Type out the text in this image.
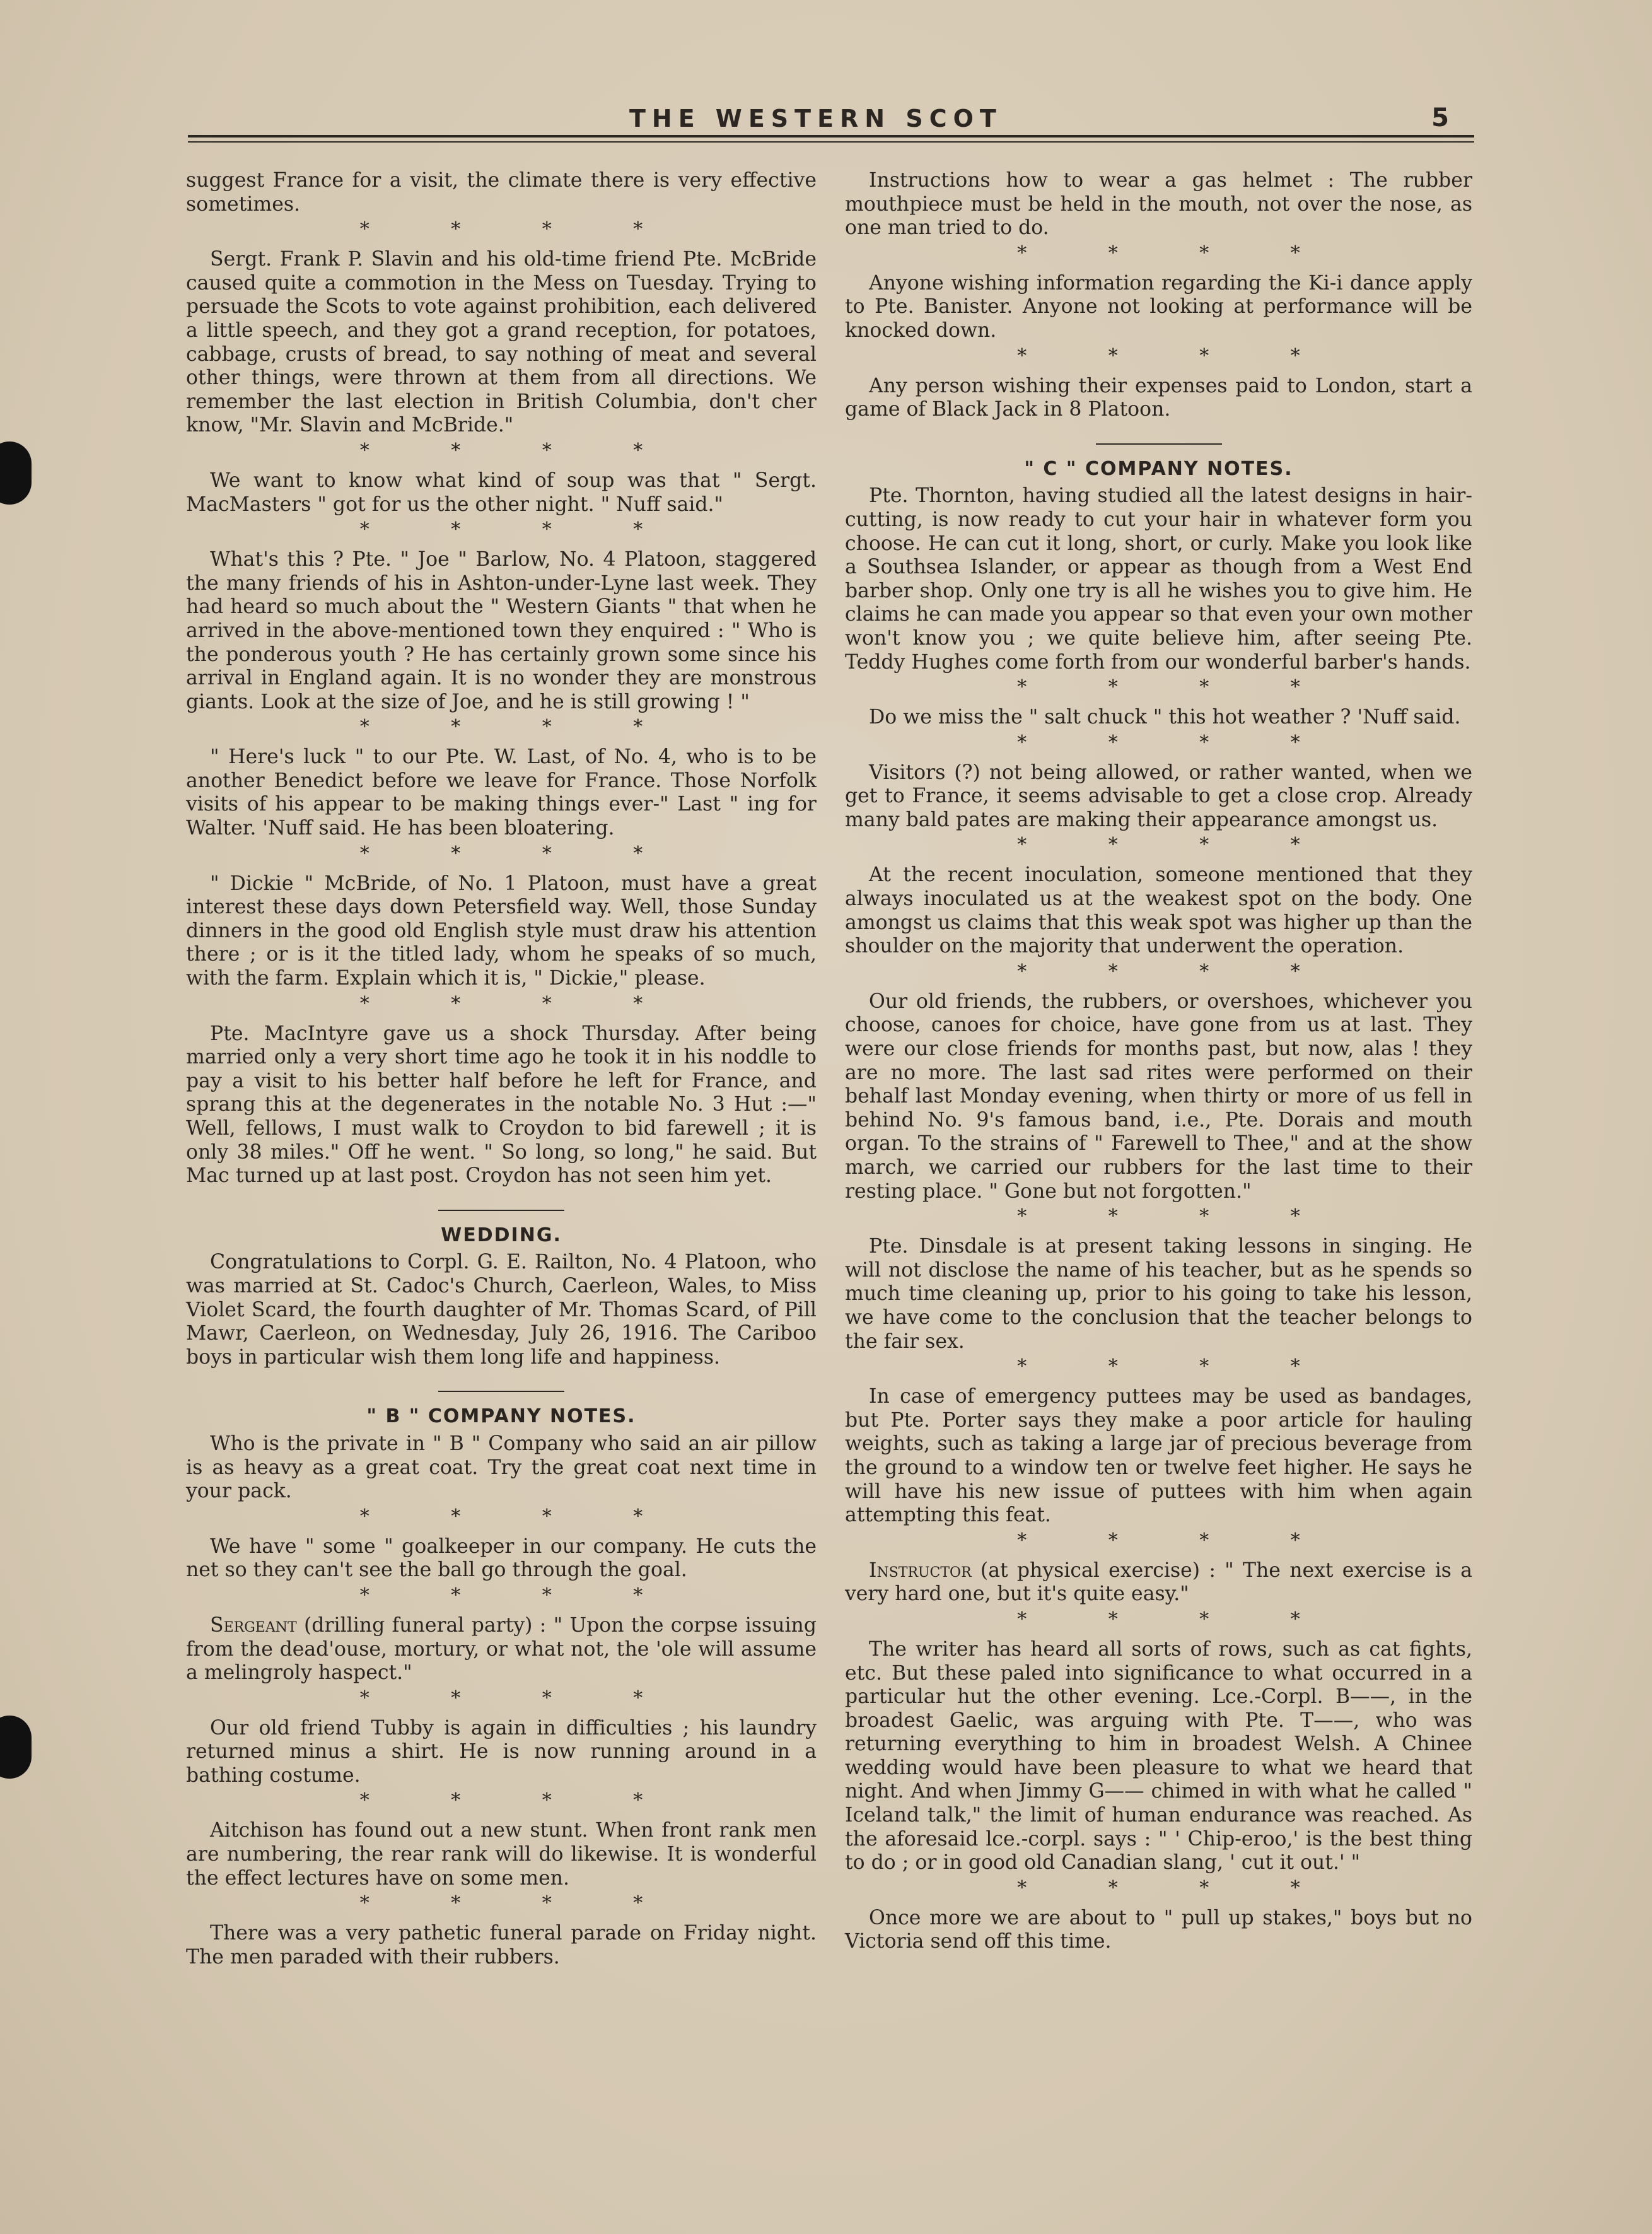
THE WESTERN SCOT	5

suggest France for a visit, the climate there is very effective sometimes.

* * * *

Sergt. Frank P. Slavin and his old-time friend Pte. McBride caused quite a commotion in the Mess on Tuesday. Trying to persuade the Scots to vote against prohibition, each delivered a little speech, and they got a grand reception, for potatoes, cabbage, crusts of bread, to say nothing of meat and several other things, were thrown at them from all directions. We remember the last election in British Columbia, don't cher know, "Mr. Slavin and McBride."

* * * *

We want to know what kind of soup was that " Sergt. MacMasters " got for us the other night. " Nuff said."

* * * *

What's this ? Pte. " Joe " Barlow, No. 4 Platoon, staggered the many friends of his in Ashton-under-Lyne last week. They had heard so much about the " Western Giants " that when he arrived in the above-mentioned town they enquired : " Who is the ponderous youth ? He has certainly grown some since his arrival in England again. It is no wonder they are monstrous giants. Look at the size of Joe, and he is still growing ! "

* * * *

" Here's luck " to our Pte. W. Last, of No. 4, who is to be another Benedict before we leave for France. Those Norfolk visits of his appear to be making things ever-" Last " ing for Walter. 'Nuff said. He has been bloatering.

* * * *

" Dickie " McBride, of No. 1 Platoon, must have a great interest these days down Petersfield way. Well, those Sunday dinners in the good old English style must draw his attention there ; or is it the titled lady, whom he speaks of so much, with the farm. Explain which it is, " Dickie," please.

* * * *

Pte. MacIntyre gave us a shock Thursday. After being married only a very short time ago he took it in his noddle to pay a visit to his better half before he left for France, and sprang this at the degenerates in the notable No. 3 Hut :—" Well, fellows, I must walk to Croydon to bid farewell ; it is only 38 miles." Off he went. " So long, so long," he said. But Mac turned up at last post. Croydon has not seen him yet.

WEDDING.

Congratulations to Corpl. G. E. Railton, No. 4 Platoon, who was married at St. Cadoc's Church, Caerleon, Wales, to Miss Violet Scard, the fourth daughter of Mr. Thomas Scard, of Pill Mawr, Caerleon, on Wednesday, July 26, 1916. The Cariboo boys in particular wish them long life and happiness.

" B " COMPANY NOTES.

Who is the private in " B " Company who said an air pillow is as heavy as a great coat. Try the great coat next time in your pack.

* * * *

We have " some " goalkeeper in our company. He cuts the net so they can't see the ball go through the goal.

* * * *

Sergeant (drilling funeral party) : " Upon the corpse issuing from the dead'ouse, mortury, or what not, the 'ole will assume a melingroly haspect."

* * * *

Our old friend Tubby is again in difficulties ; his laundry returned minus a shirt. He is now running around in a bathing costume.

* * * *

Aitchison has found out a new stunt. When front rank men are numbering, the rear rank will do likewise. It is wonderful the effect lectures have on some men.

* * * *

There was a very pathetic funeral parade on Friday night. The men paraded with their rubbers.

Instructions how to wear a gas helmet : The rubber mouthpiece must be held in the mouth, not over the nose, as one man tried to do.

* * * *

Anyone wishing information regarding the Ki-i dance apply to Pte. Banister. Anyone not looking at performance will be knocked down.

* * * *

Any person wishing their expenses paid to London, start a game of Black Jack in 8 Platoon.

" C " COMPANY NOTES.

Pte. Thornton, having studied all the latest designs in hair-cutting, is now ready to cut your hair in whatever form you choose. He can cut it long, short, or curly. Make you look like a Southsea Islander, or appear as though from a West End barber shop. Only one try is all he wishes you to give him. He claims he can made you appear so that even your own mother won't know you ; we quite believe him, after seeing Pte. Teddy Hughes come forth from our wonderful barber's hands.

* * * *

Do we miss the " salt chuck " this hot weather ? 'Nuff said.

* * * *

Visitors (?) not being allowed, or rather wanted, when we get to France, it seems advisable to get a close crop. Already many bald pates are making their appearance amongst us.

* * * *

At the recent inoculation, someone mentioned that they always inoculated us at the weakest spot on the body. One amongst us claims that this weak spot was higher up than the shoulder on the majority that underwent the operation.

* * * *

Our old friends, the rubbers, or overshoes, whichever you choose, canoes for choice, have gone from us at last. They were our close friends for months past, but now, alas ! they are no more. The last sad rites were performed on their behalf last Monday evening, when thirty or more of us fell in behind No. 9's famous band, i.e., Pte. Dorais and mouth organ. To the strains of " Farewell to Thee," and at the show march, we carried our rubbers for the last time to their resting place. " Gone but not forgotten."

* * * *

Pte. Dinsdale is at present taking lessons in singing. He will not disclose the name of his teacher, but as he spends so much time cleaning up, prior to his going to take his lesson, we have come to the conclusion that the teacher belongs to the fair sex.

* * * *

In case of emergency puttees may be used as bandages, but Pte. Porter says they make a poor article for hauling weights, such as taking a large jar of precious beverage from the ground to a window ten or twelve feet higher. He says he will have his new issue of puttees with him when again attempting this feat.

* * * *

Instructor (at physical exercise) : " The next exercise is a very hard one, but it's quite easy."

* * * *

The writer has heard all sorts of rows, such as cat fights, etc. But these paled into significance to what occurred in a particular hut the other evening. Lce.-Corpl. B——, in the broadest Gaelic, was arguing with Pte. T——, who was returning everything to him in broadest Welsh. A Chinee wedding would have been pleasure to what we heard that night. And when Jimmy G—— chimed in with what he called " Iceland talk," the limit of human endurance was reached. As the aforesaid lce.-corpl. says : " ' Chip-eroo,' is the best thing to do ; or in good old Canadian slang, ' cut it out.' "

* * * *

Once more we are about to " pull up stakes," boys but no Victoria send off this time.
